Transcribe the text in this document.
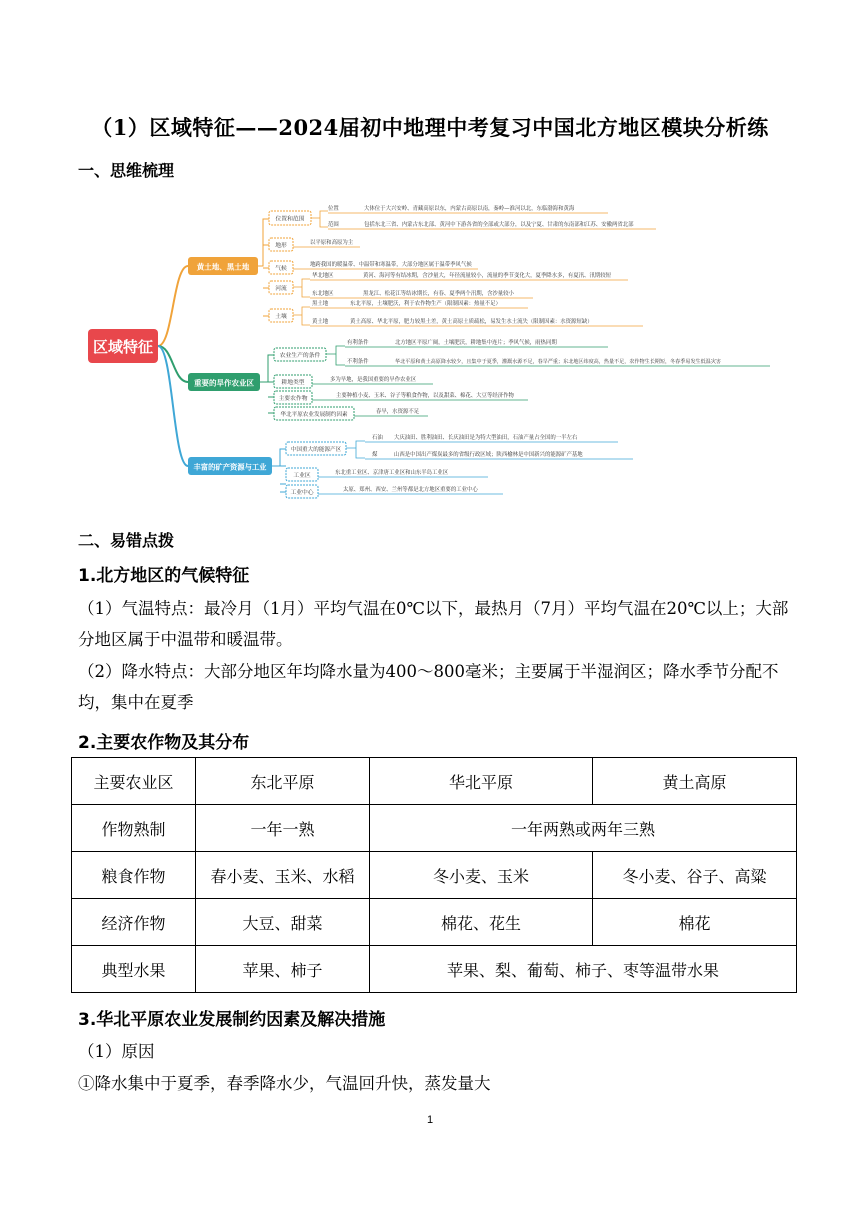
（1）区域特征——2024届初中地理中考复习中国北方地区模块分析练
一、思维梳理
区域特征
黄土地、黑土地
位置和范围
位置	大体位于大兴安岭、青藏高原以东，内蒙古高原以南，秦岭—淮河以北，东临渤海和黄海
范围	包括东北三省、内蒙古东北部、黄河中下游各省的全部或大部分，以及宁夏、甘肃的东南部和江苏、安徽两省北部
地形	以平原和高原为主
气候
地跨我国的暖温带、中温带和寒温带，大部分地区属于温带季风气候
河流
华北地区	黄河、海河等有结冰期，含沙量大，年径流量较小，流量的季节变化大，夏季降水多，有夏汛、汛期较短
东北地区	黑龙江、松花江等结冰期长，有春、夏季两个汛期，含沙量较小
土壤
黑土地	东北平原，土壤肥沃，利于农作物生产（限制因素：热量不足）
黄土地	黄土高原、华北平原，肥力较黑土差，黄土高原土质疏松，易发生水土流失（限制因素：水资源短缺）
重要的旱作农业区
农业生产的条件
有利条件	北方地区平原广阔，土壤肥沃，耕地集中连片；季风气候，雨热同期
不利条件	华北平原和黄土高原降水较少，且集中于夏季，灌溉水源不足，春旱严重；东北地区纬度高，热量不足，农作物生长期短，冬春季易发生低温灾害
耕地类型	多为旱地，是我国重要的旱作农业区
主要农作物	主要种植小麦、玉米、谷子等粮食作物，以及甜菜、棉花、大豆等经济作物
华北平原农业发展制约因素	春旱，水资源不足
丰富的矿产资源与工业
中国重大的能源产区
石油 大庆油田、胜利油田、长庆油田是为特大型油田，石油产量占全国的一半左右
煤	山西是中国出产煤炭最多的省级行政区域；陕西榆林是中国新兴的能源矿产基地
工业区	东北重工业区、京津唐工业区和山东半岛工业区
工业中心	太原、郑州、西安、兰州等都是北方地区重要的工业中心
二、易错点拨
1.北方地区的气候特征
（1）气温特点：最冷月（1月）平均气温在0℃以下，最热月（7月）平均气温在20℃以上；大部分地区属于中温带和暖温带。
（2）降水特点：大部分地区年均降水量为400～800毫米；主要属于半湿润区；降水季节分配不均，集中在夏季
2.主要农作物及其分布
主要农业区	东北平原	华北平原	黄土高原
作物熟制	一年一熟	一年两熟或两年三熟	
粮食作物	春小麦、玉米、水稻	冬小麦、玉米	冬小麦、谷子、高粱
经济作物	大豆、甜菜	棉花、花生	棉花
典型水果	苹果、柿子	苹果、梨、葡萄、柿子、枣等温带水果	
3.华北平原农业发展制约因素及解决措施
（1）原因
①降水集中于夏季，春季降水少，气温回升快，蒸发量大
1
